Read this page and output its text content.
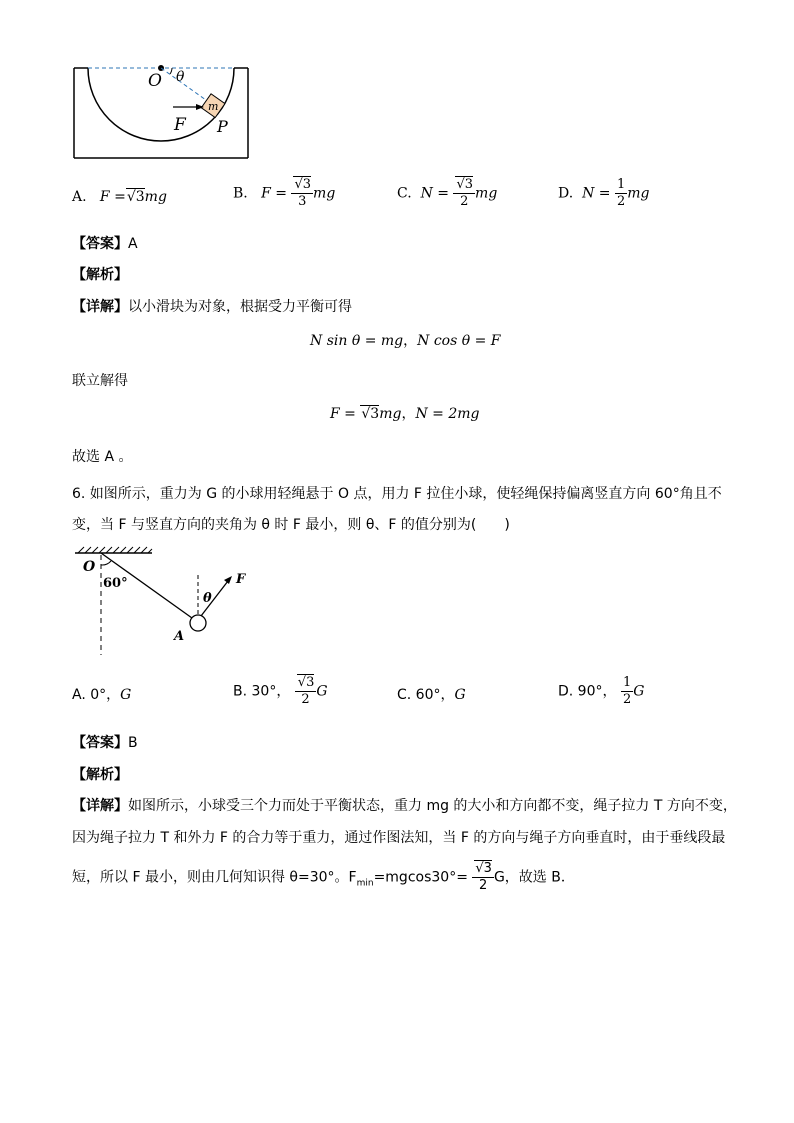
O θ
m
F P
A. F = √ 3mg	B. F = √ $\frac{3}{3}$ mg	C. N = √ $\frac{3}{2}$ mg	D. $N = \frac{1}{2}$ mg
【答案】A
【解析】
【详解】以小滑块为对象，根据受力平衡可得
N sin θ = mg，N cos θ = F
联立解得
F = √ 3mg，N = 2mg
故选 A 。
6. 如图所示，重力为 G 的小球用轻绳悬于 O 点，用力 F 拉住小球，使轻绳保持偏离竖直方向 60°角且不
变，当 F 与竖直方向的夹角为 θ 时 F 最小，则 θ、F 的值分别为(　　)
O
60°
A
θ
F
A. 0°，G	B. 30°， √ $\frac{3}{2}$ G	C. 60°，G	D. 90°， $\frac{1}{2}$ G
【答案】B
【解析】
【详解】如图所示，小球受三个力而处于平衡状态，重力 mg 的大小和方向都不变，绳子拉力 T 方向不变，
因为绳子拉力 T 和外力 F 的合力等于重力，通过作图法知，当 F 的方向与绳子方向垂直时，由于垂线段最
短，所以 F 最小，则由几何知识得 θ=30°。$F_{min}=mgcos30^\circ=$ √ $\frac{3}{2}$ G，故选 B．
